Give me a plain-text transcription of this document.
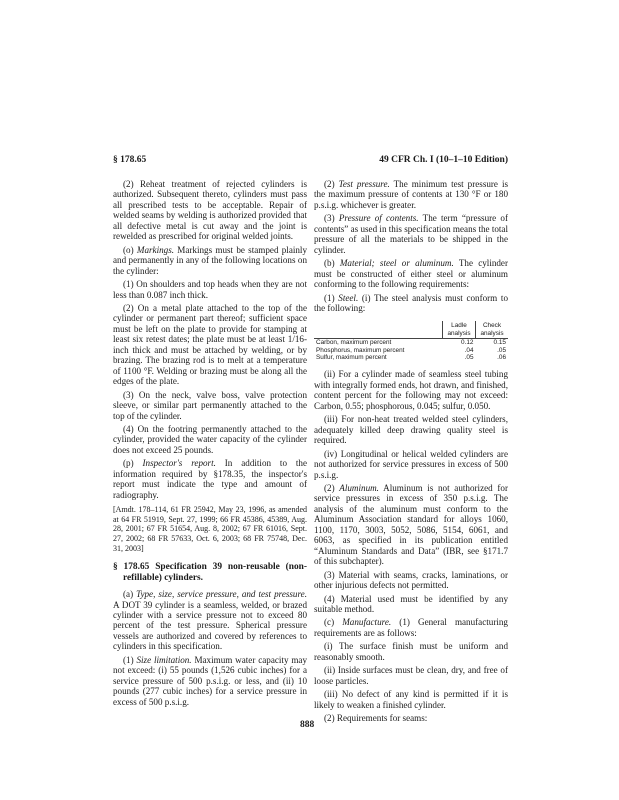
§ 178.65	49 CFR Ch. I (10–1–10 Edition)

(2) Reheat treatment of rejected cylinders is authorized. Subsequent thereto, cylinders must pass all prescribed tests to be acceptable. Repair of welded seams by welding is authorized provided that all defective metal is cut away and the joint is rewelded as prescribed for original welded joints.

(o) Markings. Markings must be stamped plainly and permanently in any of the following locations on the cylinder:

(1) On shoulders and top heads when they are not less than 0.087 inch thick.

(2) On a metal plate attached to the top of the cylinder or permanent part thereof; sufficient space must be left on the plate to provide for stamping at least six retest dates; the plate must be at least 1/16-inch thick and must be attached by welding, or by brazing. The brazing rod is to melt at a temperature of 1100 °F. Welding or brazing must be along all the edges of the plate.

(3) On the neck, valve boss, valve protection sleeve, or similar part permanently attached to the top of the cylinder.

(4) On the footring permanently attached to the cylinder, provided the water capacity of the cylinder does not exceed 25 pounds.

(p) Inspector's report. In addition to the information required by §178.35, the inspector's report must indicate the type and amount of radiography.

[Amdt. 178–114, 61 FR 25942, May 23, 1996, as amended at 64 FR 51919, Sept. 27, 1999; 66 FR 45386, 45389, Aug. 28, 2001; 67 FR 51654, Aug. 8, 2002; 67 FR 61016, Sept. 27, 2002; 68 FR 57633, Oct. 6, 2003; 68 FR 75748, Dec. 31, 2003]

§ 178.65 Specification 39 non-reusable (non-refillable) cylinders.

(a) Type, size, service pressure, and test pressure. A DOT 39 cylinder is a seamless, welded, or brazed cylinder with a service pressure not to exceed 80 percent of the test pressure. Spherical pressure vessels are authorized and covered by references to cylinders in this specification.

(1) Size limitation. Maximum water capacity may not exceed: (i) 55 pounds (1,526 cubic inches) for a service pressure of 500 p.s.i.g. or less, and (ii) 10 pounds (277 cubic inches) for a service pressure in excess of 500 p.s.i.g.

(2) Test pressure. The minimum test pressure is the maximum pressure of contents at 130 °F or 180 p.s.i.g. whichever is greater.

(3) Pressure of contents. The term “pressure of contents” as used in this specification means the total pressure of all the materials to be shipped in the cylinder.

(b) Material; steel or aluminum. The cylinder must be constructed of either steel or aluminum conforming to the following requirements:

(1) Steel. (i) The steel analysis must conform to the following:

	Ladle analysis	Check analysis
Carbon, maximum percent	0.12	0.15
Phosphorus, maximum percent	.04	.05
Sulfur, maximum percent	.05	.06

(ii) For a cylinder made of seamless steel tubing with integrally formed ends, hot drawn, and finished, content percent for the following may not exceed: Carbon, 0.55; phosphorous, 0.045; sulfur, 0.050.

(iii) For non-heat treated welded steel cylinders, adequately killed deep drawing quality steel is required.

(iv) Longitudinal or helical welded cylinders are not authorized for service pressures in excess of 500 p.s.i.g.

(2) Aluminum. Aluminum is not authorized for service pressures in excess of 350 p.s.i.g. The analysis of the aluminum must conform to the Aluminum Association standard for alloys 1060, 1100, 1170, 3003, 5052, 5086, 5154, 6061, and 6063, as specified in its publication entitled “Aluminum Standards and Data” (IBR, see §171.7 of this subchapter).

(3) Material with seams, cracks, laminations, or other injurious defects not permitted.

(4) Material used must be identified by any suitable method.

(c) Manufacture. (1) General manufacturing requirements are as follows:

(i) The surface finish must be uniform and reasonably smooth.

(ii) Inside surfaces must be clean, dry, and free of loose particles.

(iii) No defect of any kind is permitted if it is likely to weaken a finished cylinder.

(2) Requirements for seams:

888
